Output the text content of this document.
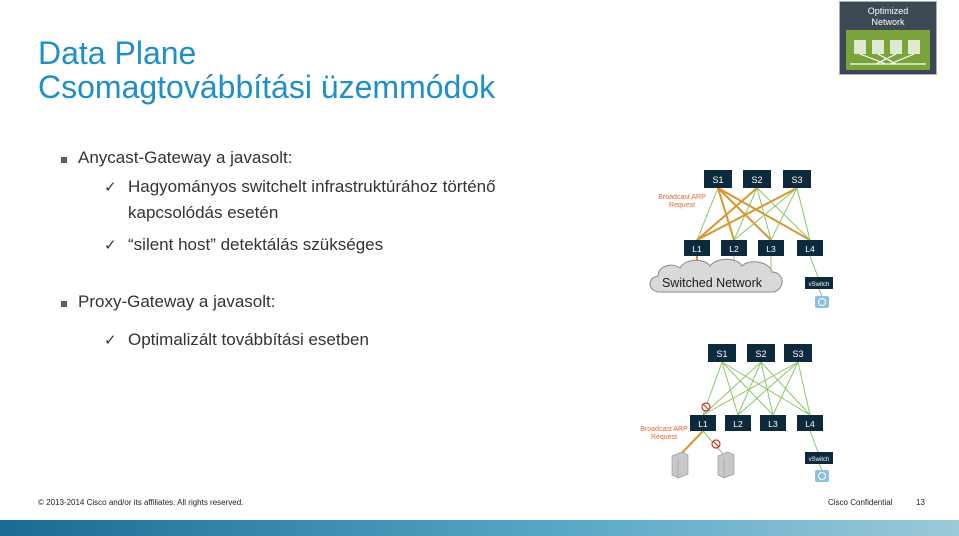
Data Plane
Csomagtovábbítási üzemmódok
Optimized
Network
Anycast-Gateway a javasolt:
✓ Hagyományos switchelt infrastruktúrához történő
kapcsolódás esetén
✓ “silent host” detektálás szükséges
Proxy-Gateway a javasolt:
✓ Optimalizált továbbítási esetben
S1	S2	S3
Broadcast ARP
Request
L1	L2	L3	L4
Switched Network	vSwitch
S1	S2	S3
L1	L2	L3	L4
Broadcast ARP
Request
vSwitch
© 2013-2014 Cisco and/or its affiliates. All rights reserved.	Cisco Confidential	13
